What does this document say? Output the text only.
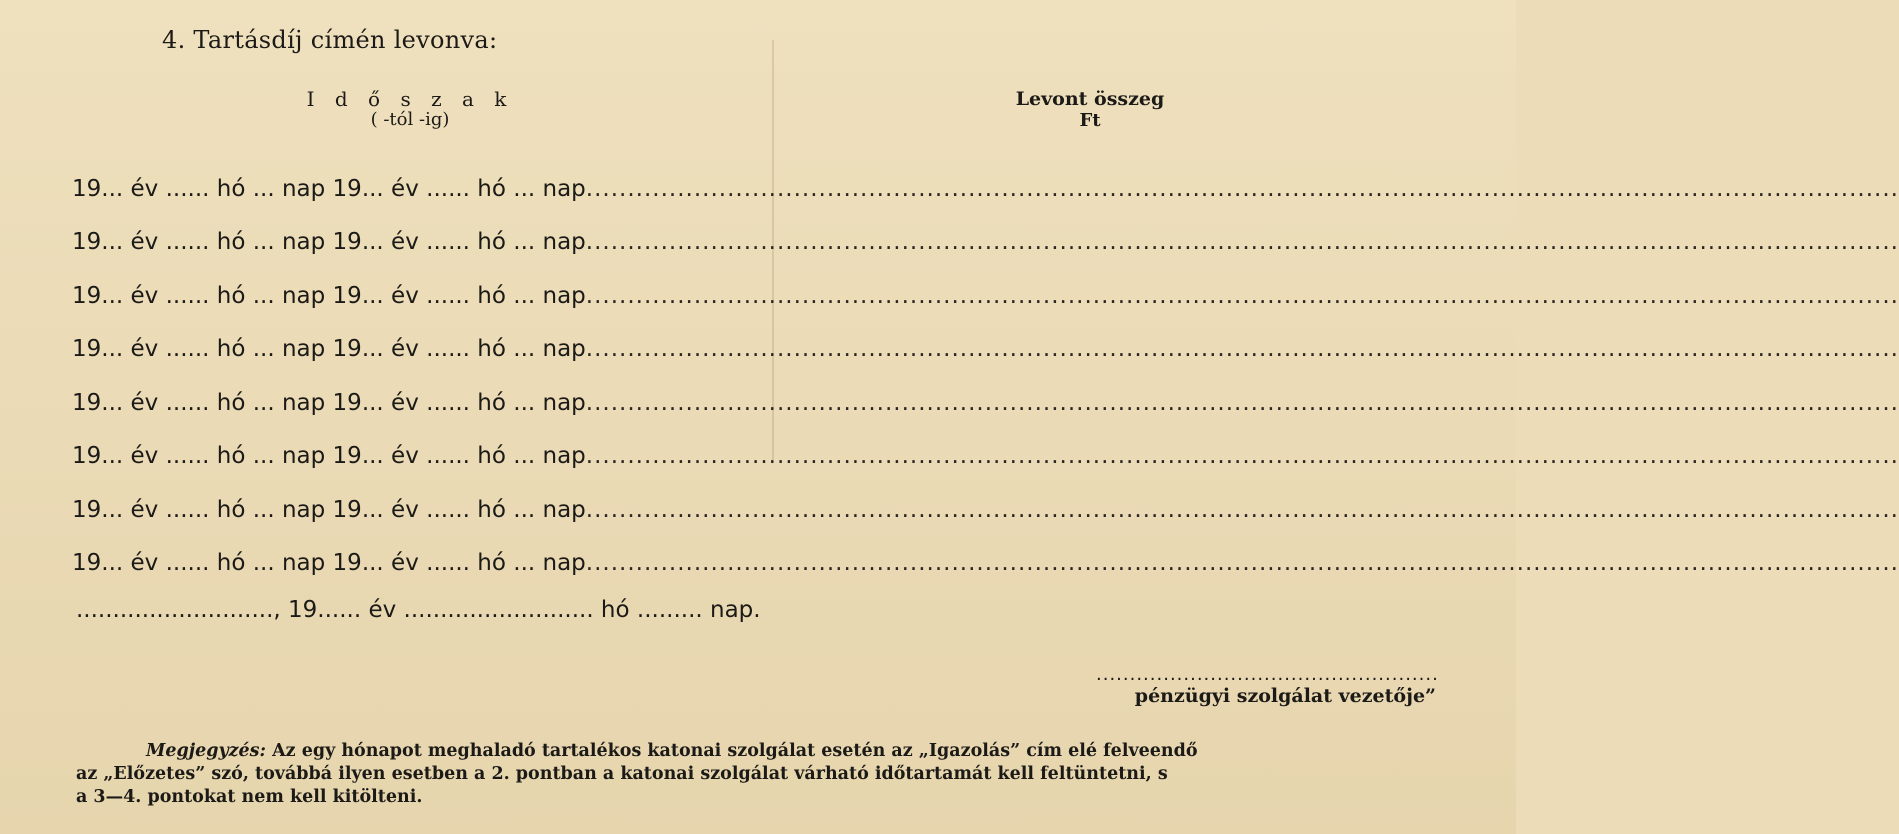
4. Tartásdíj címén levonva:
I d ő s z a k
( -tól -ig)
Levont összeg
Ft
19... év ...... hó ... nap 19... év ...... hó ... nap ..............................................................................................................................................................
19... év ...... hó ... nap 19... év ...... hó ... nap ..............................................................................................................................................................
19... év ...... hó ... nap 19... év ...... hó ... nap ..............................................................................................................................................................
19... év ...... hó ... nap 19... év ...... hó ... nap ..............................................................................................................................................................
19... év ...... hó ... nap 19... év ...... hó ... nap ..............................................................................................................................................................
19... év ...... hó ... nap 19... év ...... hó ... nap ..............................................................................................................................................................
19... év ...... hó ... nap 19... év ...... hó ... nap ..............................................................................................................................................................
19... év ...... hó ... nap 19... év ...... hó ... nap ..............................................................................................................................................................
..........................., 19...... év .......................... hó ......... nap.
...................................................
pénzügyi szolgálat vezetője”
Megjegyzés: Az egy hónapot meghaladó tartalékos katonai szolgálat esetén az „Igazolás” cím elé felveendő
az „Előzetes” szó, továbbá ilyen esetben a 2. pontban a katonai szolgálat várható időtartamát kell feltüntetni, s
a 3—4. pontokat nem kell kitölteni.
